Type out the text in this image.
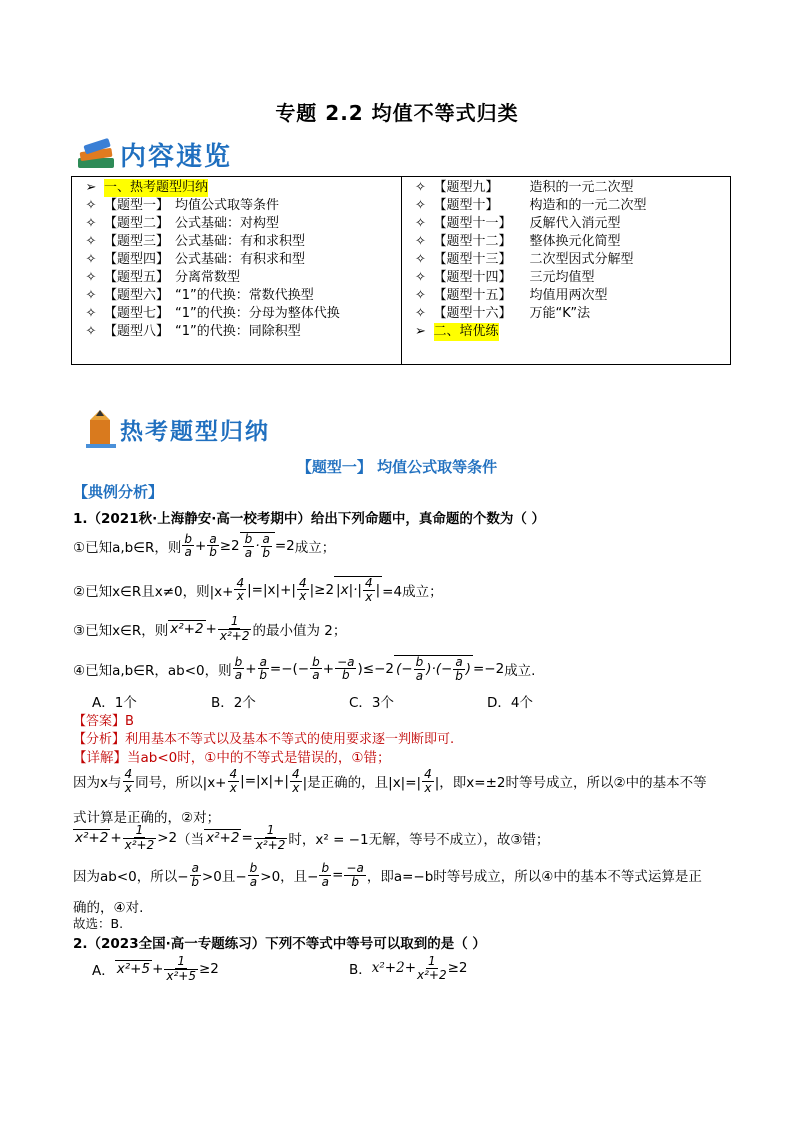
专题 2.2 均值不等式归类
内容速览
➢ 一、热考题型归纳
✧ 【题型一】 均值公式取等条件
✧ 【题型二】 公式基础：对构型
✧ 【题型三】 公式基础：有和求积型
✧ 【题型四】 公式基础：有积求和型
✧ 【题型五】 分离常数型
✧ 【题型六】 “1”的代换：常数代换型
✧ 【题型七】 “1”的代换：分母为整体代换
✧ 【题型八】 “1”的代换：同除积型
✧ 【题型九】	造积的一元二次型
✧ 【题型十】	构造和的一元二次型
✧ 【题型十一】	反解代入消元型
✧ 【题型十二】	整体换元化简型
✧ 【题型十三】	二次型因式分解型
✧ 【题型十四】	三元均值型
✧ 【题型十五】	均值用两次型
✧ 【题型十六】	万能“K”法
➢ 二、培优练
热考题型归纳
【题型一】 均值公式取等条件
【典例分析】
1.（2021秋·上海静安·高一校考期中）给出下列命题中，真命题的个数为（ ）
①已知a,b∈R，则 $\frac{b}{a} + \frac{a}{b} \ge 2 \frac{b}{a} \cdot \frac{a}{b} =2$ 成立；
②已知x∈R且x≠0，则$|x+ \frac{4}{x} |=|x|+| \frac{4}{x} |\ge 2$ $|x|\cdot| \frac{4}{x}$ | =4成立；
③已知x∈R，则 $x^2+2 + \frac{1}{\text{x²+2}}$ 的最小值为 2；
④已知a,b∈R，ab<0，则 $\frac{b}{a} + \frac{a}{b}$ =−(− $\frac{b}{a} + \frac{-a}{b} )\le-2$ (− $\frac{b}{a}$ )·(− $\frac{a}{b}$ ) =−2 成立.
A．1个	B．2个	C．3个	D．4个
【答案】B
【分析】利用基本不等式以及基本不等式的使用要求逐一判断即可.
【详解】当ab<0时，①中的不等式是错误的，①错；
因为x与 $\frac{4}{x}$ 同号，所以$|x+ \frac{4}{x} |=|x|+| \frac{4}{x}$ |是正确的，且$|x|=| \frac{4}{x}$ |，即x=±2时等号成立，所以②中的基本不等
式计算是正确的，②对；
$x^2+2 + \frac{1}{\text{x²+2}} >2$ （当 $x^2+2 = \frac{1}{\text{x²+2}}$ 时，x² = −1无解，等号不成立），故③错；
因为ab<0，所以− $\frac{a}{b} >0$且− $\frac{b}{a} >0$，且− $\frac{b}{a} = \frac{-a}{b}$ ，即a=−b时等号成立，所以④中的基本不等式运算是正
确的，④对.
故选：B.
2.（2023全国·高一专题练习）下列不等式中等号可以取到的是（ ）
A． $x^2+5 + \frac{1}{\text{x²+5}} \ge 2$	B． $x^2+2+ \frac{1}{\text{x²+2}} \ge 2$
